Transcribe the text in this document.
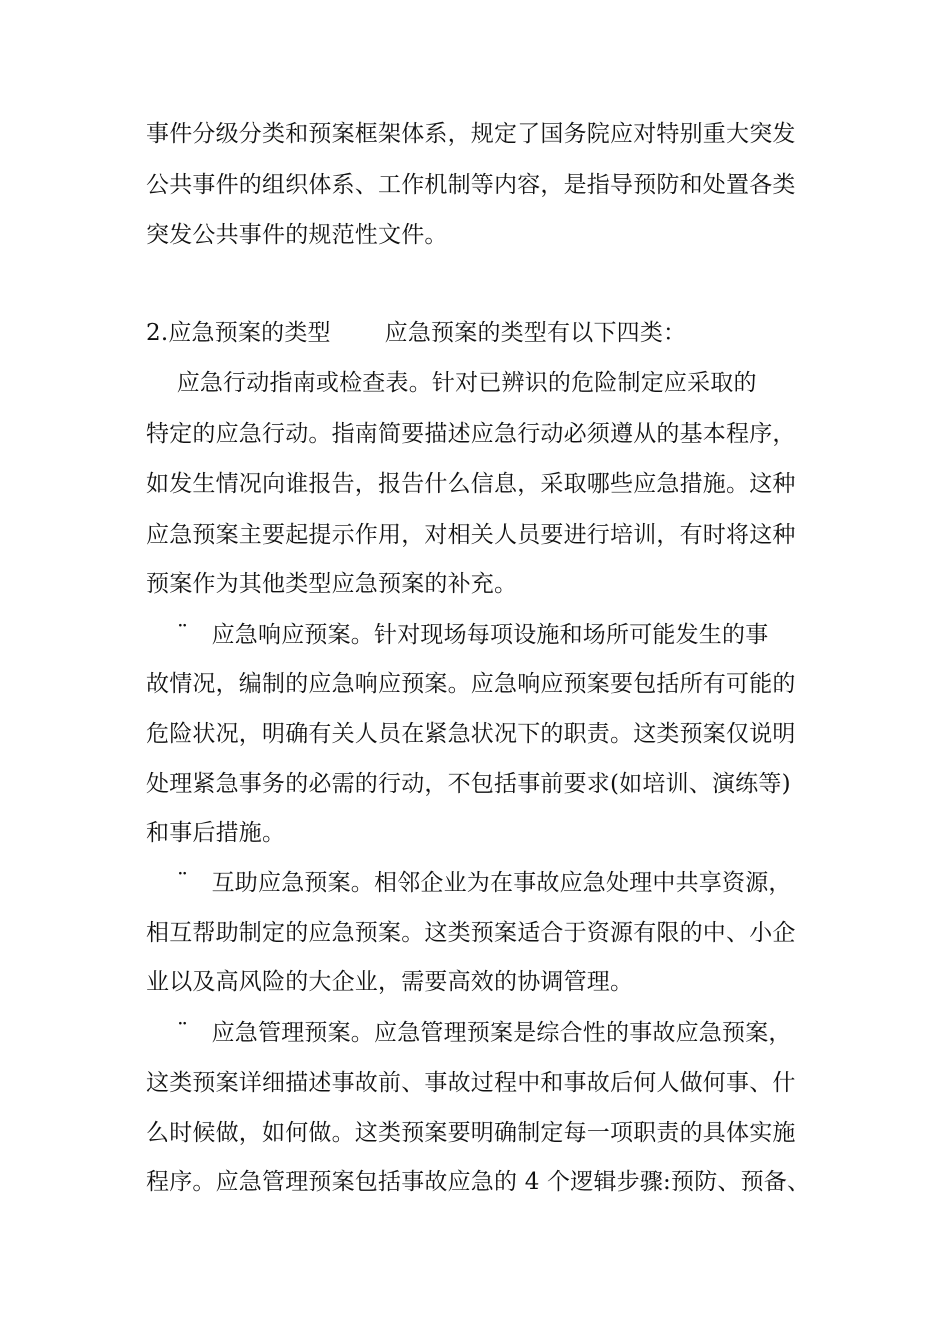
事件分级分类和预案框架体系，规定了国务院应对特别重大突发
公共事件的组织体系、工作机制等内容，是指导预防和处置各类
突发公共事件的规范性文件。
2.应急预案的类型　　 应急预案的类型有以下四类：
　 应急行动指南或检查表。针对已辨识的危险制定应采取的
特定的应急行动。指南简要描述应急行动必须遵从的基本程序，
如发生情况向谁报告，报告什么信息，采取哪些应急措施。这种
应急预案主要起提示作用，对相关人员要进行培训，有时将这种
预案作为其他类型应急预案的补充。
　 ¨　应急响应预案。针对现场每项设施和场所可能发生的事
故情况，编制的应急响应预案。应急响应预案要包括所有可能的
危险状况，明确有关人员在紧急状况下的职责。这类预案仅说明
处理紧急事务的必需的行动，不包括事前要求(如培训、演练等)
和事后措施。
　 ¨　互助应急预案。相邻企业为在事故应急处理中共享资源，
相互帮助制定的应急预案。这类预案适合于资源有限的中、小企
业以及高风险的大企业，需要高效的协调管理。
　 ¨　应急管理预案。应急管理预案是综合性的事故应急预案，
这类预案详细描述事故前、事故过程中和事故后何人做何事、什
么时候做，如何做。这类预案要明确制定每一项职责的具体实施
程序。应急管理预案包括事故应急的 4 个逻辑步骤:预防、预备、
